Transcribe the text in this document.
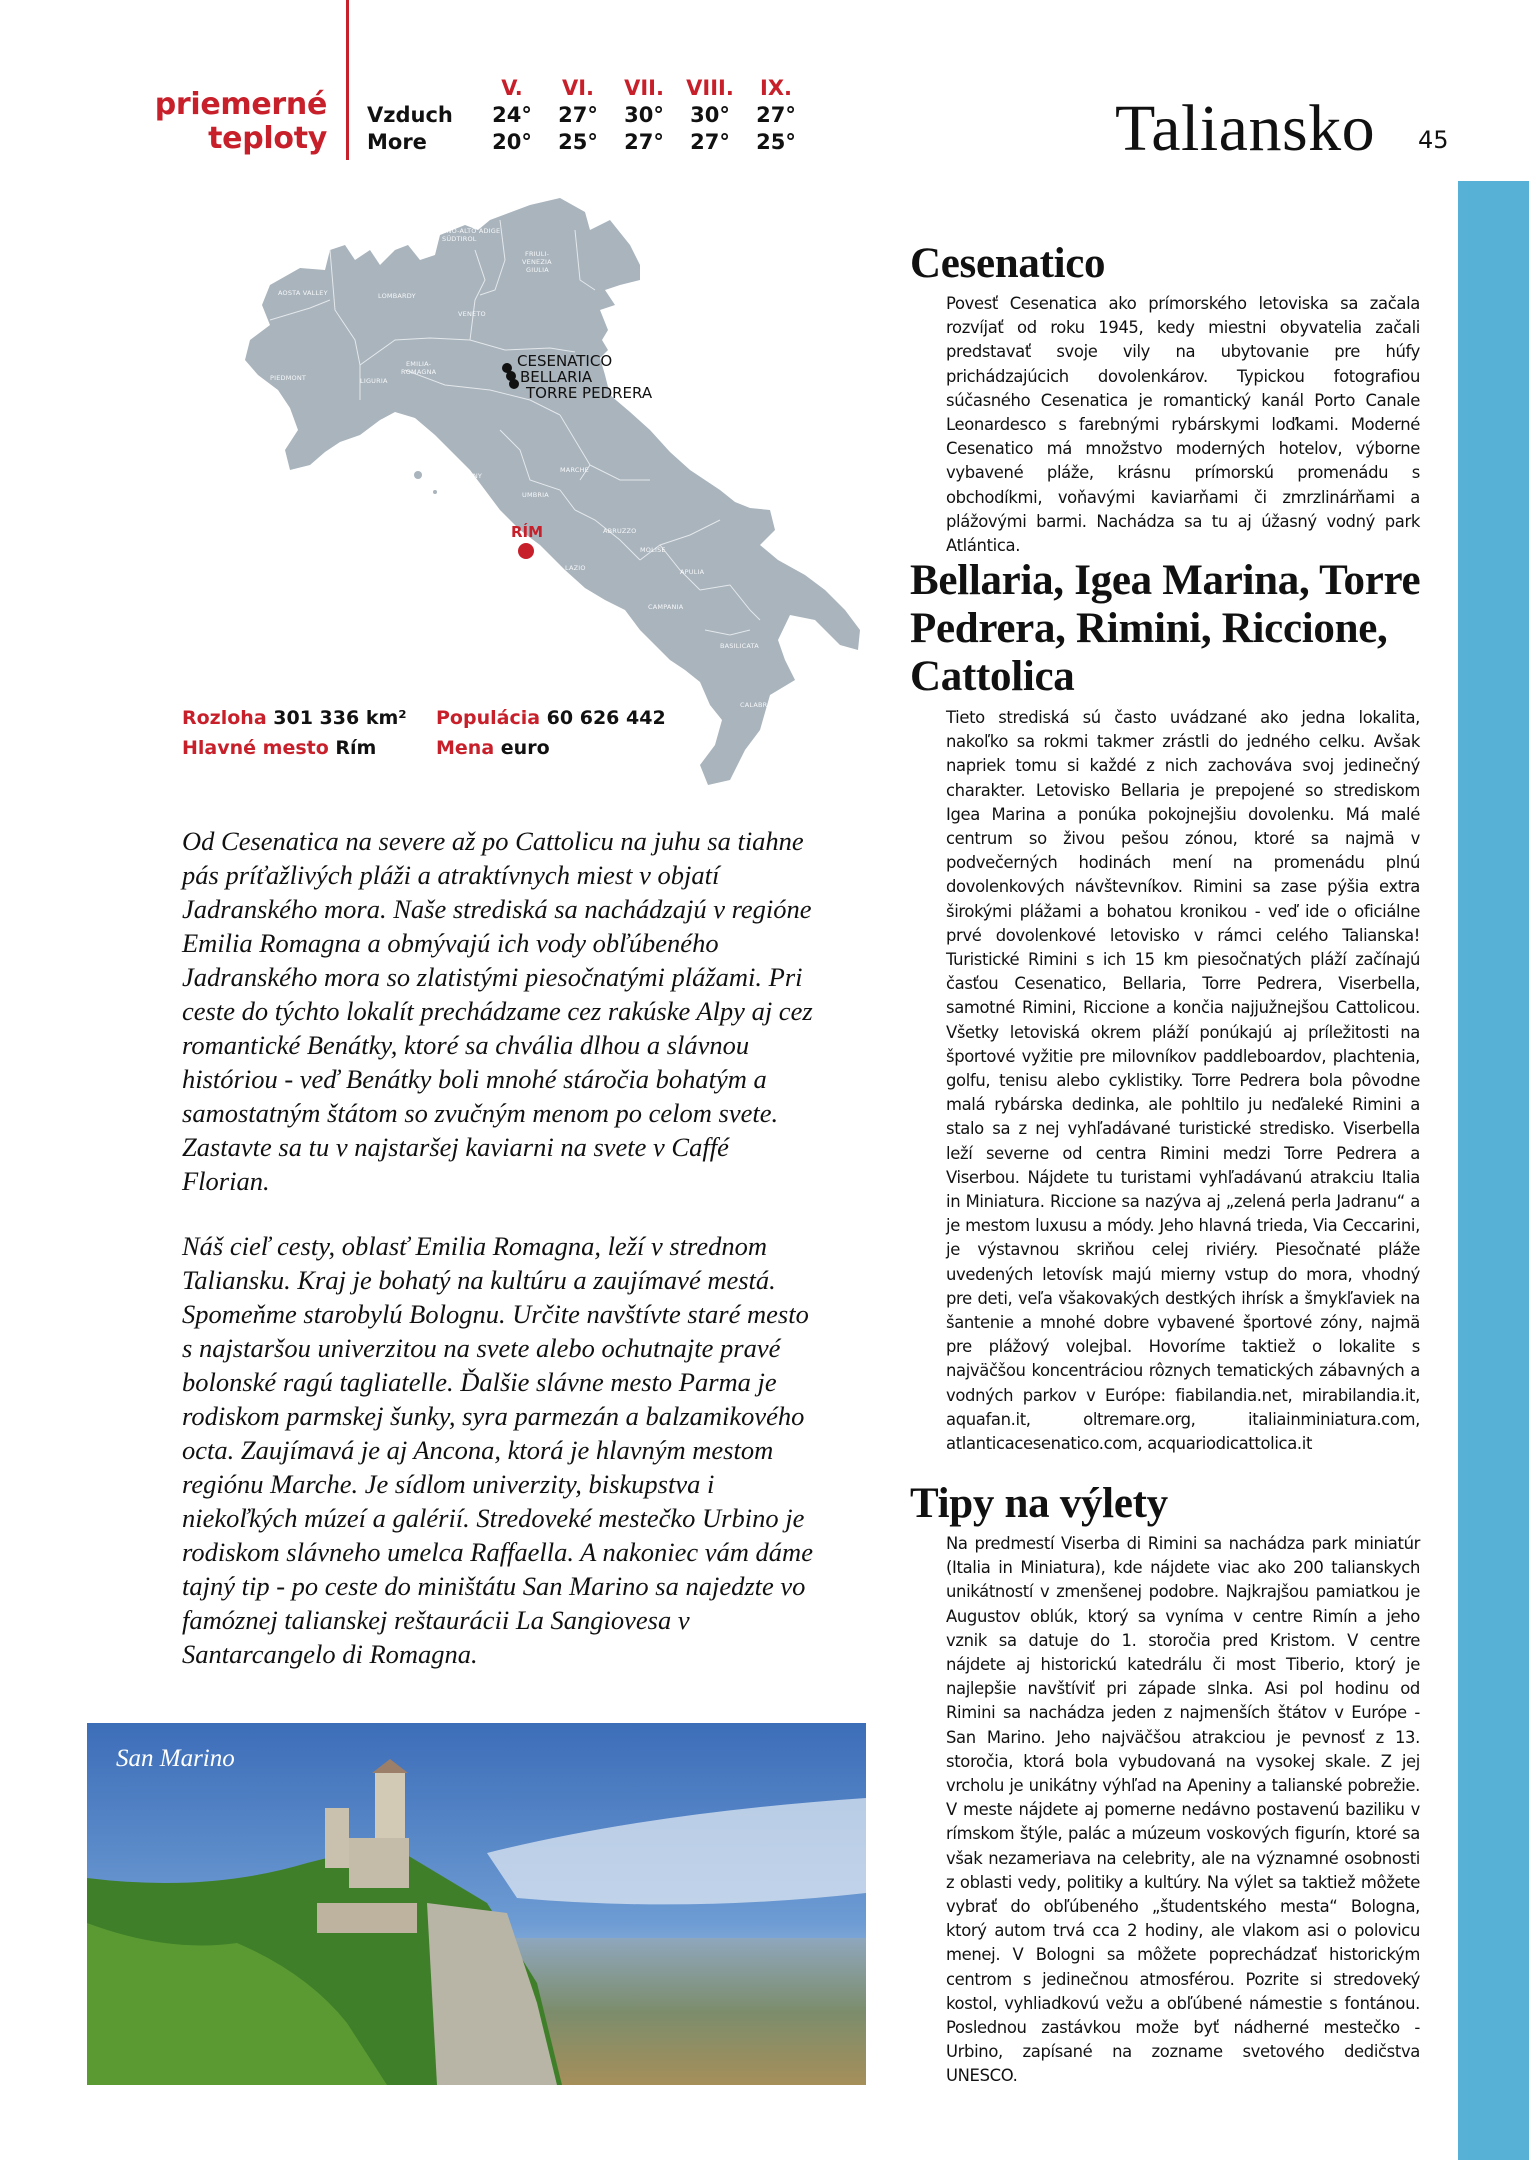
priemerné
teploty
V.	VI.	VII.	VIII.	IX.
Vzduch	24°	27°	30°	30°	27°
More	20°	25°	27°	27°	25°	Taliansko 45
AOSTA VALLEY
PIEDMONT	LIGURIA
LOMBARDY
TRENTINO-ALTO ADIGE
SÜDTIROL
FRIULI-
VENEZIA
GIULIA
VENETO
EMILIA-
ROMAGNA
TUSCANY
UMBRIA
MARCHE
LAZIO
ABRUZZO
MOLISE
APULIA
CAMPANIA
BASILICATA
CALABRIA
CESENATICO
BELLARIA
TORRE PEDRERA
RÍM
Rozloha 301 336 km² Populácia 60 626 442
Hlavné mesto Rím	Mena euro

Od Cesenatica na severe až po Cattolicu na juhu sa tiahne pás príťažlivých pláži a atraktívnych miest v objatí Jadranského mora. Naše strediská sa nachádzajú v regióne Emilia Romagna a obmývajú ich vody obľúbeného Jadranského mora so zlatistými piesočnatými plážami. Pri ceste do týchto lokalít prechádzame cez rakúske Alpy aj cez romantické Benátky, ktoré sa chvália dlhou a slávnou históriou - veď Benátky boli mnohé stáročia bohatým a samostatným štátom so zvučným menom po celom svete. Zastavte sa tu v najstaršej kaviarni na svete v Caffé Florian.

Náš cieľ cesty, oblasť Emilia Romagna, leží v strednom Taliansku. Kraj je bohatý na kultúru a zaujímavé mestá. Spomeňme starobylú Bolognu. Určite navštívte staré mesto s najstaršou univerzitou na svete alebo ochutnajte pravé bolonské ragú tagliatelle. Ďalšie slávne mesto Parma je rodiskom parmskej šunky, syra parmezán a balzamikového octa. Zaujímavá je aj Ancona, ktorá je hlavným mestom regiónu Marche. Je sídlom univerzity, biskupstva i niekoľkých múzeí a galérií. Stredoveké mestečko Urbino je rodiskom slávneho umelca Raffaella. A nakoniec vám dáme tajný tip - po ceste do miništátu San Marino sa najedzte vo famóznej talianskej reštaurácii La Sangiovesa v Santarcangelo di Romagna.

San Marino
Cesenatico

Povesť Cesenatica ako prímorského letoviska sa začala rozvíjať od roku 1945, kedy miestni obyvatelia začali predstavať svoje vily na ubytovanie pre húfy prichádzajúcich dovolenkárov. Typickou fotografiou súčasného Cesenatica je romantický kanál Porto Canale Leonardesco s farebnými rybárskymi loďkami. Moderné Cesenatico má množstvo moderných hotelov, výborne vybavené pláže, krásnu prímorskú promenádu s obchodíkmi, voňavými kaviarňami či zmrzlinárňami a plážovými barmi. Nachádza sa tu aj úžasný vodný park Atlántica.

Bellaria, Igea Marina, Torre Pedrera, Rimini, Riccione, Cattolica

Tieto strediská sú často uvádzané ako jedna lokalita, nakoľko sa rokmi takmer zrástli do jedného celku. Avšak napriek tomu si každé z nich zachováva svoj jedinečný charakter. Letovisko Bellaria je prepojené so strediskom Igea Marina a ponúka pokojnejšiu dovolenku. Má malé centrum so živou pešou zónou, ktoré sa najmä v podvečerných hodinách mení na promenádu plnú dovolenkových návštevníkov. Rimini sa zase pýšia extra širokými plážami a bohatou kronikou - veď ide o oficiálne prvé dovolenkové letovisko v rámci celého Talianska! Turistické Rimini s ich 15 km piesočnatých pláží začínajú časťou Cesenatico, Bellaria, Torre Pedrera, Viserbella, samotné Rimini, Riccione a končia najjužnejšou Cattolicou. Všetky letoviská okrem pláží ponúkajú aj príležitosti na športové vyžitie pre milovníkov paddleboardov, plachtenia, golfu, tenisu alebo cyklistiky. Torre Pedrera bola pôvodne malá rybárska dedinka, ale pohltilo ju neďaleké Rimini a stalo sa z nej vyhľadávané turistické stredisko. Viserbella leží severne od centra Rimini medzi Torre Pedrera a Viserbou. Nájdete tu turistami vyhľadávanú atrakciu Italia in Miniatura. Riccione sa nazýva aj „zelená perla Jadranu“ a je mestom luxusu a módy. Jeho hlavná trieda, Via Ceccarini, je výstavnou skriňou celej riviéry. Piesočnaté pláže uvedených letovísk majú mierny vstup do mora, vhodný pre deti, veľa všakovakých destkých ihrísk a šmykľaviek na šantenie a mnohé dobre vybavené športové zóny, najmä pre plážový volejbal. Hovoríme taktiež o lokalite s najväčšou koncentráciou rôznych tematických zábavných a vodných parkov v Európe: fiabilandia.net, mirabilandia.it, aquafan.it, oltremare.org, italiainminiatura.com, atlanticacesenatico.com, acquariodicattolica.it

Tipy na výlety

Na predmestí Viserba di Rimini sa nachádza park miniatúr (Italia in Miniatura), kde nájdete viac ako 200 talianskych unikátností v zmenšenej podobre. Najkrajšou pamiatkou je Augustov oblúk, ktorý sa vyníma v centre Rimín a jeho vznik sa datuje do 1. storočia pred Kristom. V centre nájdete aj historickú katedrálu či most Tiberio, ktorý je najlepšie navštíviť pri západe slnka. Asi pol hodinu od Rimini sa nachádza jeden z najmenších štátov v Európe - San Marino. Jeho najväčšou atrakciou je pevnosť z 13. storočia, ktorá bola vybudovaná na vysokej skale. Z jej vrcholu je unikátny výhľad na Apeniny a talianské pobrežie. V meste nájdete aj pomerne nedávno postavenú baziliku v rímskom štýle, palác a múzeum voskových figurín, ktoré sa však nezameriava na celebrity, ale na významné osobnosti z oblasti vedy, politiky a kultúry. Na výlet sa taktiež môžete vybrať do obľúbeného „študentského mesta“ Bologna, ktorý autom trvá cca 2 hodiny, ale vlakom asi o polovicu menej. V Bologni sa môžete poprechádzať historickým centrom s jedinečnou atmosférou. Pozrite si stredoveký kostol, vyhliadkovú vežu a obľúbené námestie s fontánou. Poslednou zastávkou može byť nádherné mestečko - Urbino, zapísané na zozname svetového dedičstva UNESCO.
